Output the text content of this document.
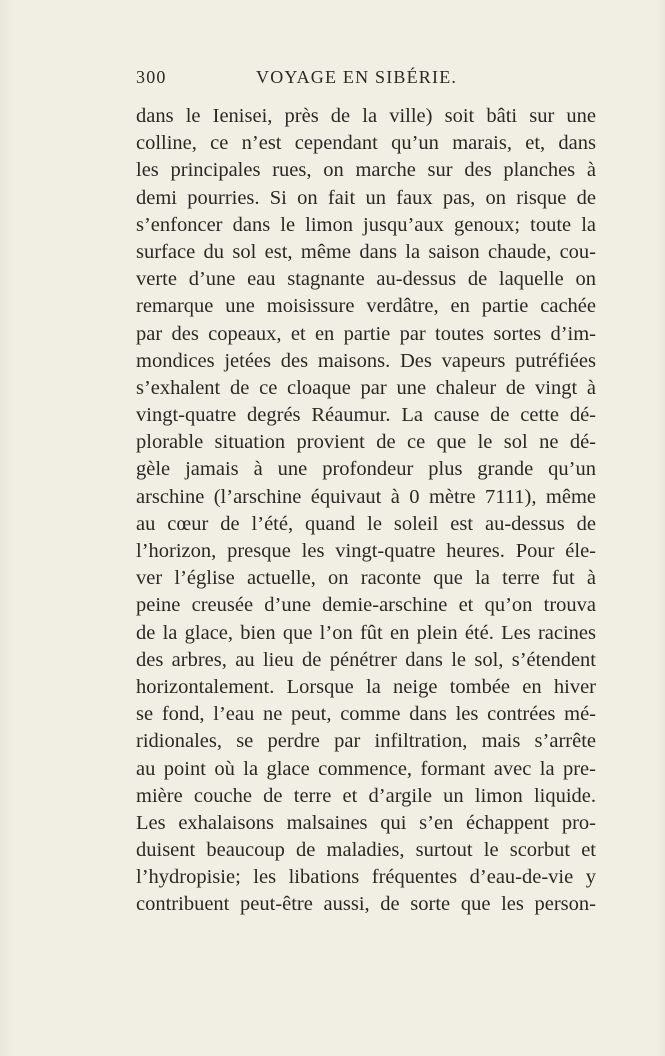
300	VOYAGE EN SIBÉRIE.
dans le Ienisei, près de la ville) soit bâti sur une
colline, ce n’est cependant qu’un marais, et, dans
les principales rues, on marche sur des planches à
demi pourries. Si on fait un faux pas, on risque de
s’enfoncer dans le limon jusqu’aux genoux; toute la
surface du sol est, même dans la saison chaude, cou-
verte d’une eau stagnante au-dessus de laquelle on
remarque une moisissure verdâtre, en partie cachée
par des copeaux, et en partie par toutes sortes d’im-
mondices jetées des maisons. Des vapeurs putréfiées
s’exhalent de ce cloaque par une chaleur de vingt à
vingt-quatre degrés Réaumur. La cause de cette dé-
plorable situation provient de ce que le sol ne dé-
gèle jamais à une profondeur plus grande qu’un
arschine (l’arschine équivaut à 0 mètre 7111), même
au cœur de l’été, quand le soleil est au-dessus de
l’horizon, presque les vingt-quatre heures. Pour éle-
ver l’église actuelle, on raconte que la terre fut à
peine creusée d’une demie-arschine et qu’on trouva
de la glace, bien que l’on fût en plein été. Les racines
des arbres, au lieu de pénétrer dans le sol, s’étendent
horizontalement. Lorsque la neige tombée en hiver
se fond, l’eau ne peut, comme dans les contrées mé-
ridionales, se perdre par infiltration, mais s’arrête
au point où la glace commence, formant avec la pre-
mière couche de terre et d’argile un limon liquide.
Les exhalaisons malsaines qui s’en échappent pro-
duisent beaucoup de maladies, surtout le scorbut et
l’hydropisie; les libations fréquentes d’eau-de-vie y
contribuent peut-être aussi, de sorte que les person-
